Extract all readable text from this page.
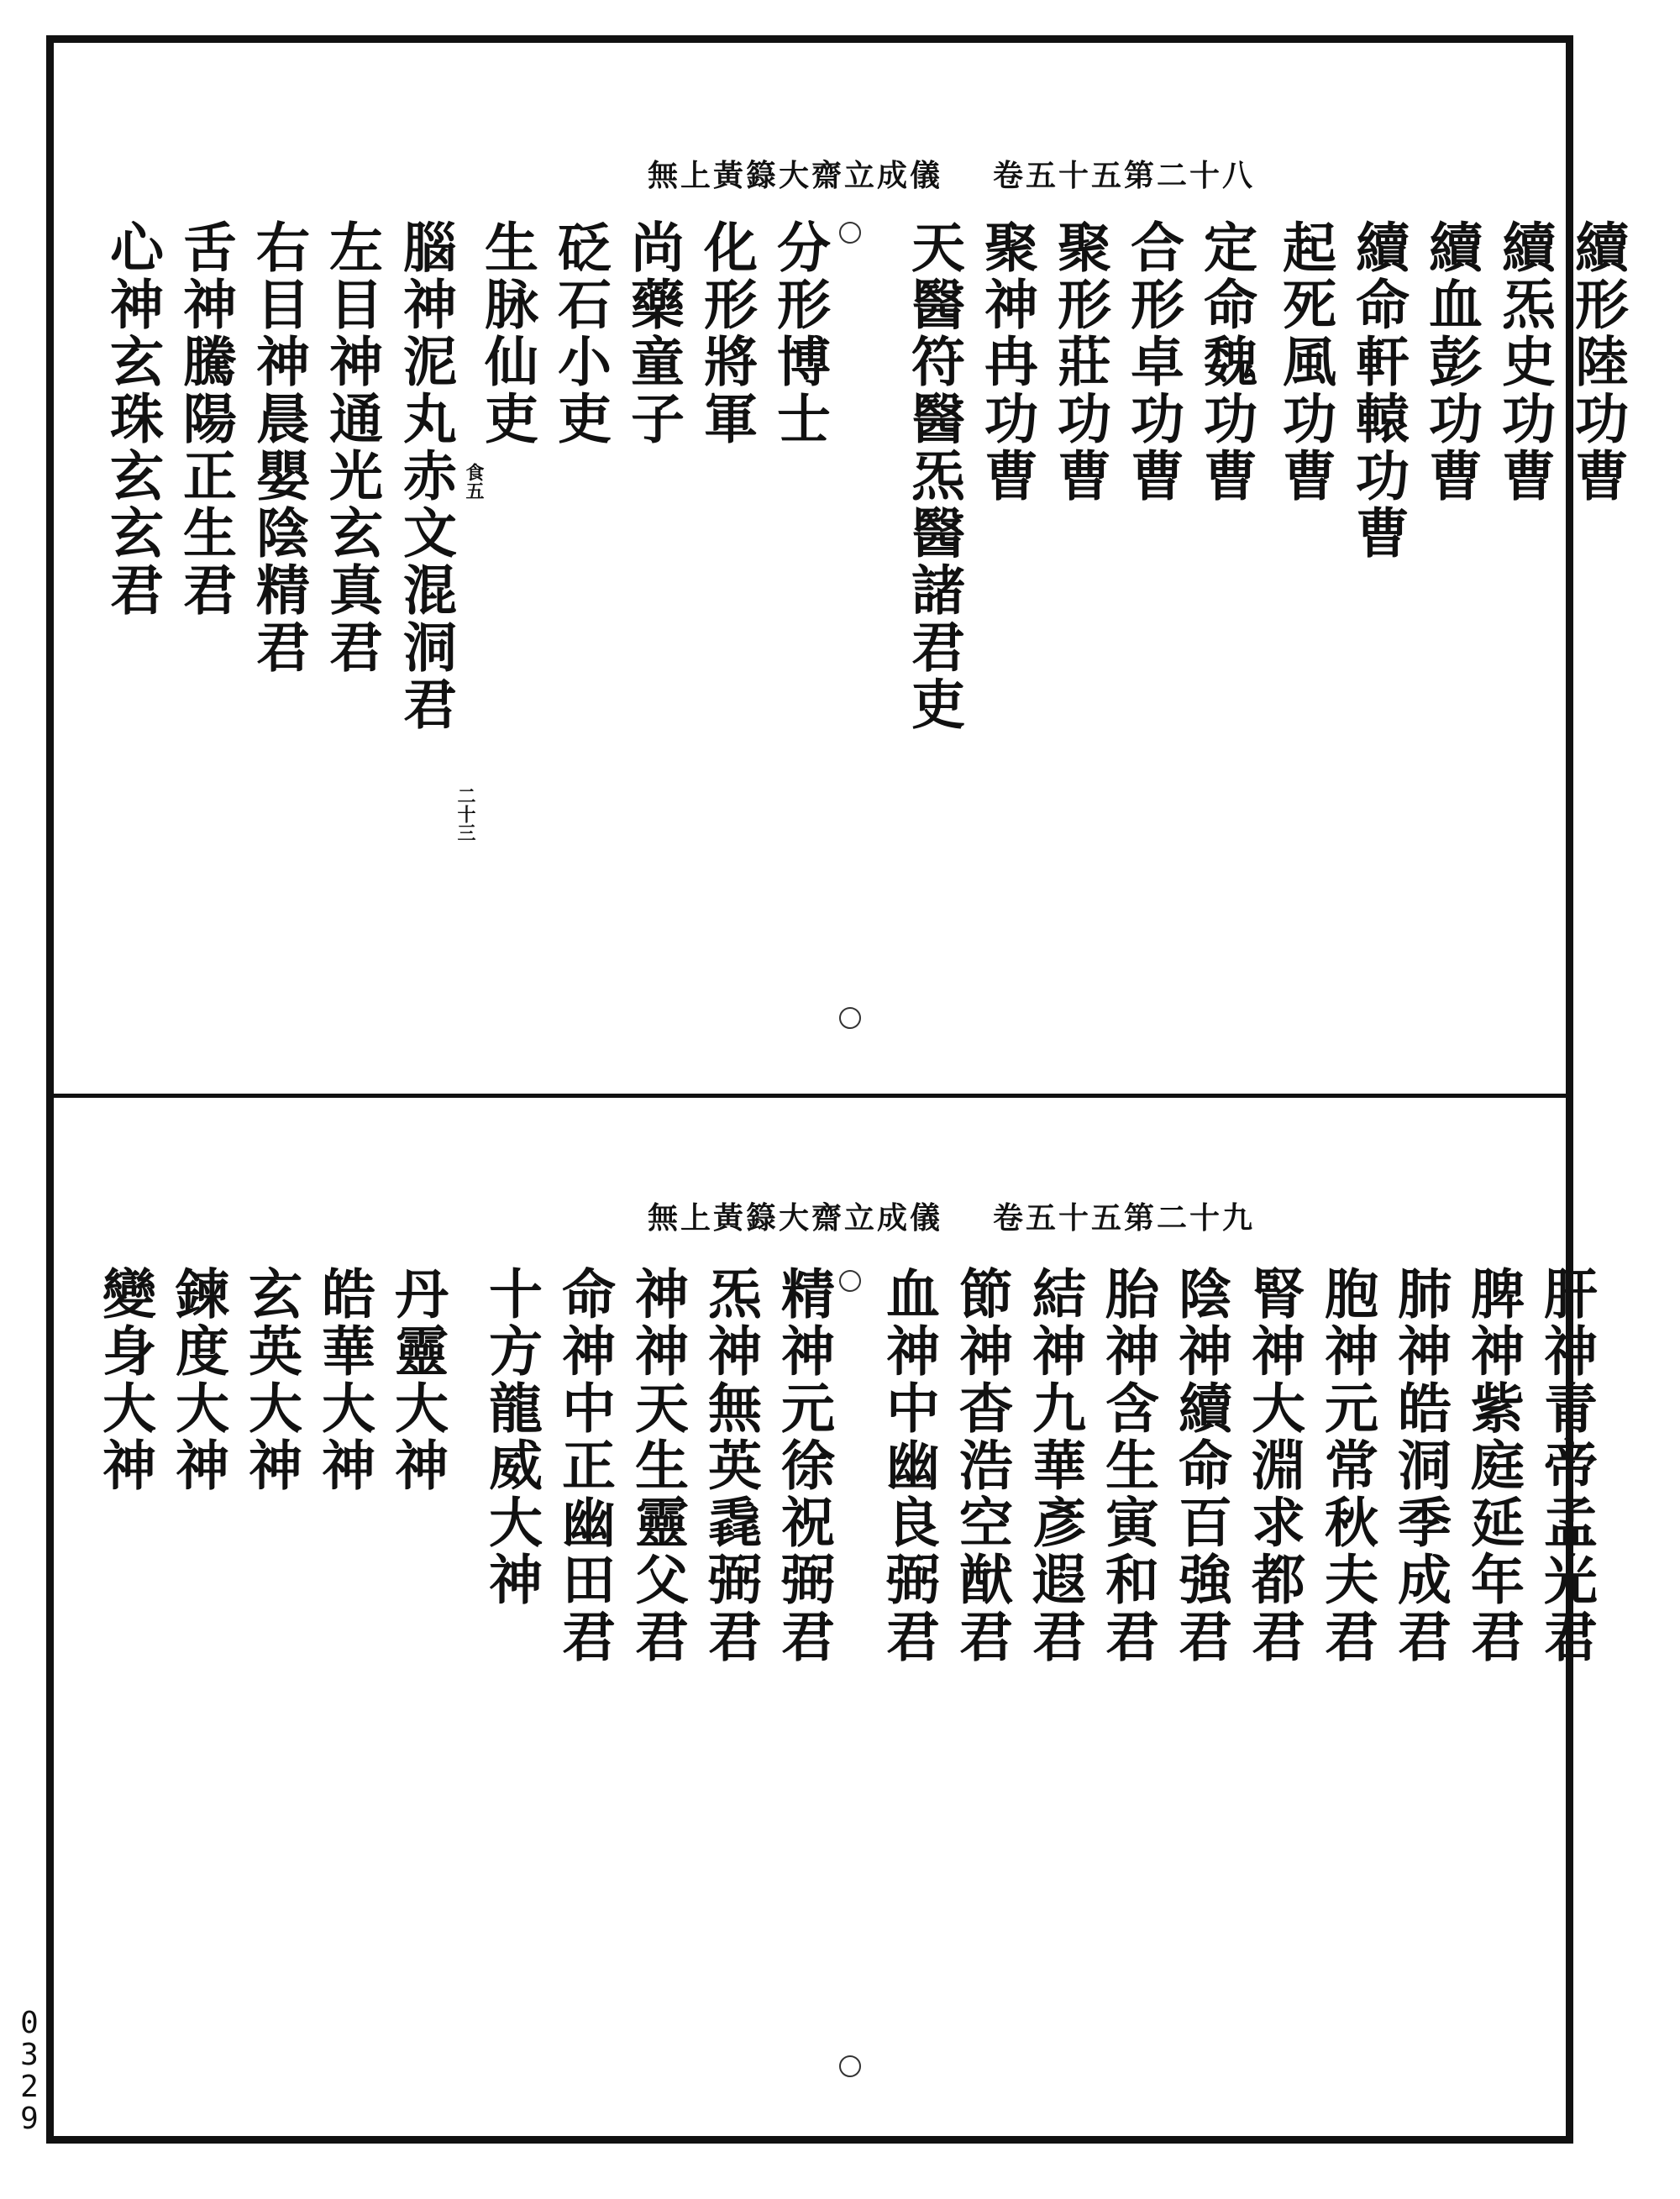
無上黃籙大齋立成儀 卷五十五第二十八
續形陸功曹
續炁史功曹
續血彭功曹
續命軒轅功曹
起死風功曹
定命魏功曹
合形卓功曹
聚形莊功曹
聚神冉功曹
天醫符醫炁醫諸君吏
分形博士
化形將軍
尚藥童子
砭石小吏
生脉仙吏
食五
腦神泥丸赤文混洞君
左目神通光玄真君
右目神晨嬰陰精君
舌神騰陽正生君
心神玄珠玄玄君
二十三
無上黃籙大齋立成儀 卷五十五第二十九
肝神青帝孟光君
脾神紫庭延年君
肺神皓洞季成君
胞神元常秋夫君
腎神大淵求都君
陰神續命百強君
胎神含生寅和君
結神九華彥遐君
節神杳浩空猷君
血神中幽良弼君
精神元徐祝弼君
炁神無英毳弼君
神神天生靈父君
命神中正幽田君
十方龍威大神
丹靈大神
皓華大神
玄英大神
鍊度大神
變身大神
0
3
2
9
